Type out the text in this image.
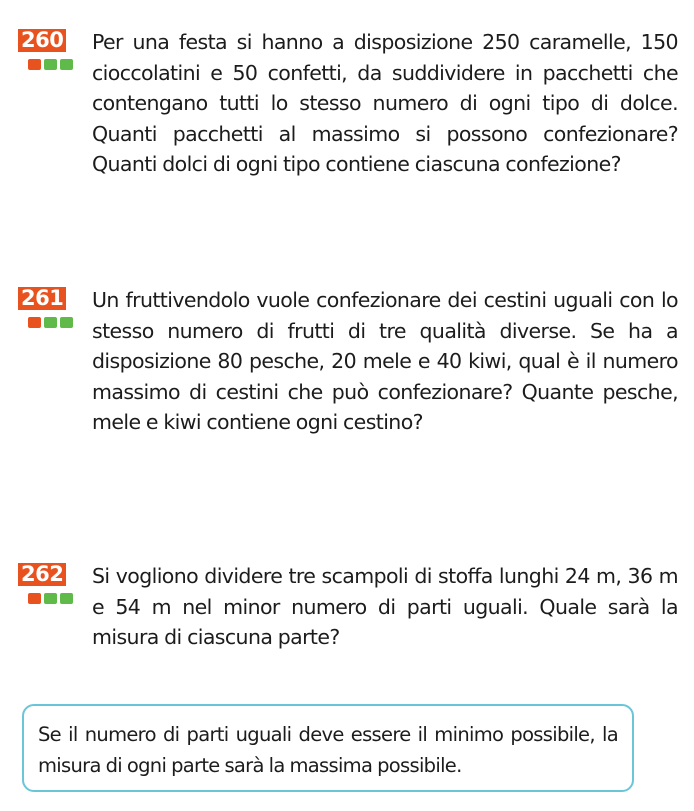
260 Per una festa si hanno a disposizione 250 caramelle, 150 cioccolatini e 50 confetti, da suddividere in pacchetti che contengano tutti lo stesso numero di ogni tipo di dolce. Quanti pacchetti al massimo si possono confezionare? Quanti dolci di ogni tipo contiene ciascuna confezione?
261 Un fruttivendolo vuole confezionare dei cestini uguali con lo stesso numero di frutti di tre qualità diverse. Se ha a disposizione 80 pesche, 20 mele e 40 kiwi, qual è il numero massimo di cestini che può confezionare? Quante pesche, mele e kiwi contiene ogni cestino?
262 Si vogliono dividere tre scampoli di stoffa lunghi 24 m, 36 m e 54 m nel minor numero di parti uguali. Quale sarà la misura di ciascuna parte?
Se il numero di parti uguali deve essere il minimo possibile, la misura di ogni parte sarà la massima possibile.
